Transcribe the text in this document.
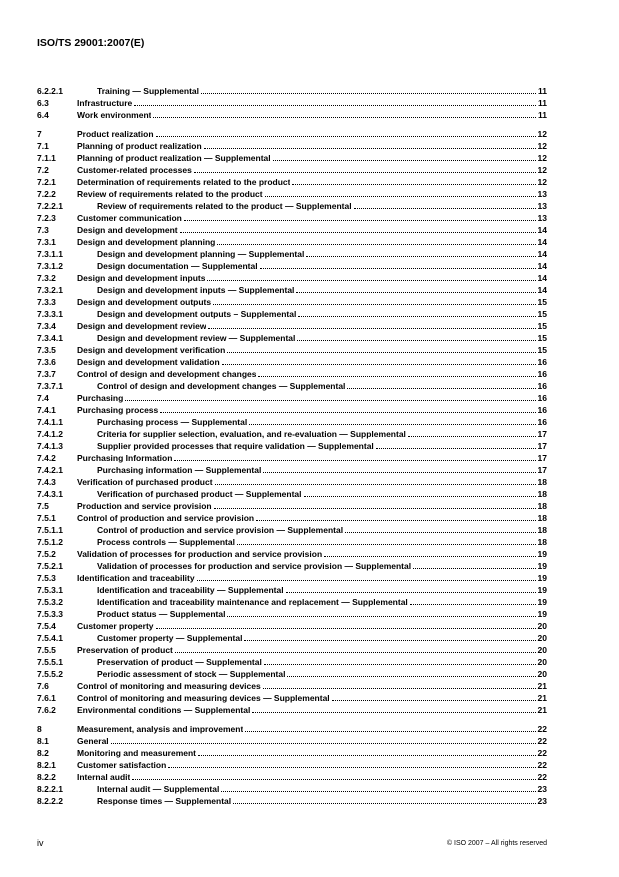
ISO/TS 29001:2007(E)
6.2.2.1	Training — Supplemental	11
6.3	Infrastructure	11
6.4	Work environment	11
7	Product realization	12
7.1	Planning of product realization	12
7.1.1	Planning of product realization — Supplemental	12
7.2	Customer-related processes	12
7.2.1	Determination of requirements related to the product	12
7.2.2	Review of requirements related to the product	13
7.2.2.1	Review of requirements related to the product — Supplemental	13
7.2.3	Customer communication	13
7.3	Design and development	14
7.3.1	Design and development planning	14
7.3.1.1	Design and development planning — Supplemental	14
7.3.1.2	Design documentation — Supplemental	14
7.3.2	Design and development inputs	14
7.3.2.1	Design and development inputs — Supplemental	14
7.3.3	Design and development outputs	15
7.3.3.1	Design and development outputs – Supplemental	15
7.3.4	Design and development review	15
7.3.4.1	Design and development review — Supplemental	15
7.3.5	Design and development verification	15
7.3.6	Design and development validation	16
7.3.7	Control of design and development changes	16
7.3.7.1	Control of design and development changes — Supplemental	16
7.4	Purchasing	16
7.4.1	Purchasing process	16
7.4.1.1	Purchasing process — Supplemental	16
7.4.1.2	Criteria for supplier selection, evaluation, and re-evaluation — Supplemental	17
7.4.1.3	Supplier provided processes that require validation — Supplemental	17
7.4.2	Purchasing Information	17
7.4.2.1	Purchasing information — Supplemental	17
7.4.3	Verification of purchased product	18
7.4.3.1	Verification of purchased product — Supplemental	18
7.5	Production and service provision	18
7.5.1	Control of production and service provision	18
7.5.1.1	Control of production and service provision — Supplemental	18
7.5.1.2	Process controls — Supplemental	18
7.5.2	Validation of processes for production and service provision	19
7.5.2.1	Validation of processes for production and service provision — Supplemental	19
7.5.3	Identification and traceability	19
7.5.3.1	Identification and traceability — Supplemental	19
7.5.3.2	Identification and traceability maintenance and replacement — Supplemental	19
7.5.3.3	Product status — Supplemental	19
7.5.4	Customer property	20
7.5.4.1	Customer property — Supplemental	20
7.5.5	Preservation of product	20
7.5.5.1	Preservation of product — Supplemental	20
7.5.5.2	Periodic assessment of stock — Supplemental	20
7.6	Control of monitoring and measuring devices	21
7.6.1	Control of monitoring and measuring devices — Supplemental	21
7.6.2	Environmental conditions — Supplemental	21
8	Measurement, analysis and improvement	22
8.1	General	22
8.2	Monitoring and measurement	22
8.2.1	Customer satisfaction	22
8.2.2	Internal audit	22
8.2.2.1	Internal audit — Supplemental	23
8.2.2.2	Response times — Supplemental	23
iv	© ISO 2007 – All rights reserved
